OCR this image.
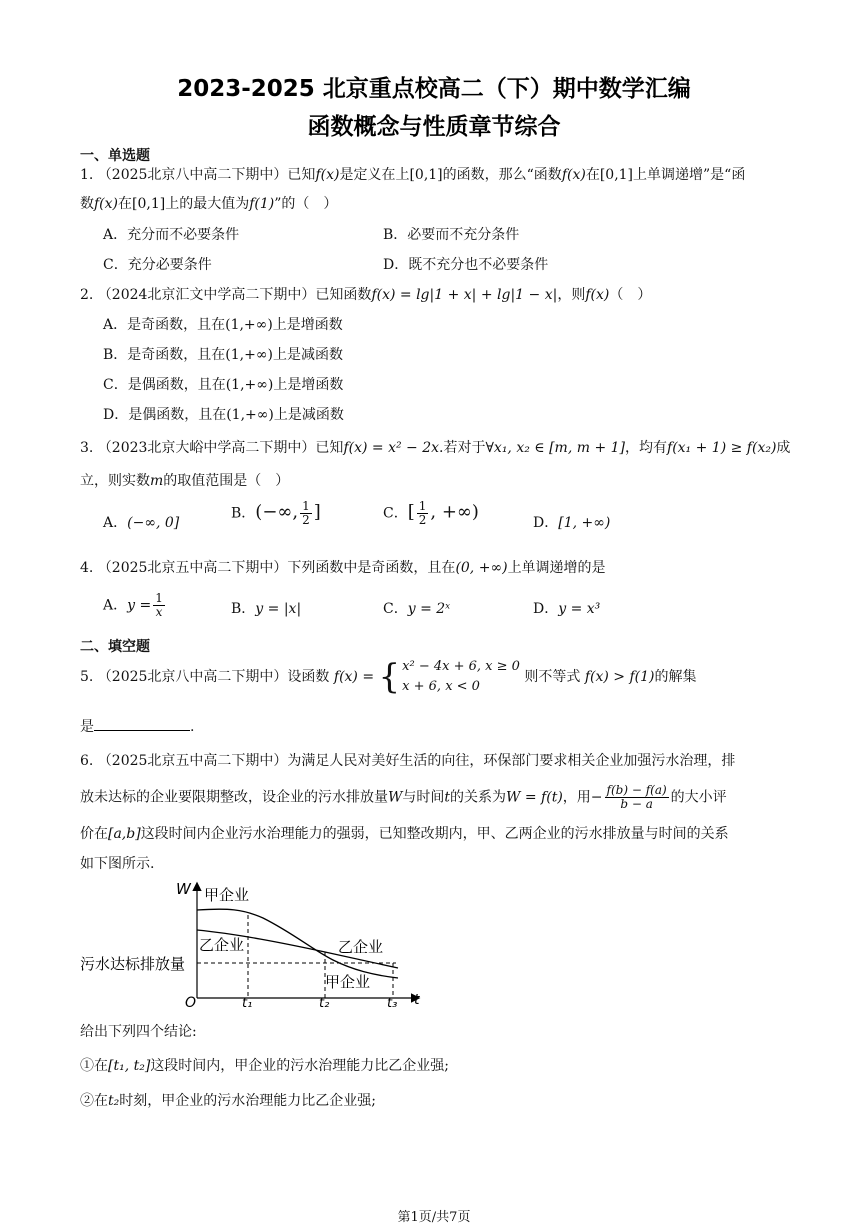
2023-2025 北京重点校高二（下）期中数学汇编
函数概念与性质章节综合
一、单选题
1. （2025北京八中高二下期中）已知f(x)是定义在上[0,1]的函数，那么“函数f(x)在[0,1]上单调递增”是“函
数f(x)在[0,1]上的最大值为f(1)”的（　）
A．充分而不必要条件	B．必要而不充分条件
C．充分必要条件	D．既不充分也不必要条件
2. （2024北京汇文中学高二下期中）已知函数f(x) = lg|1 + x| + lg|1 − x|，则f(x)（　）
A．是奇函数，且在(1,+∞)上是增函数
B．是奇函数，且在(1,+∞)上是减函数
C．是偶函数，且在(1,+∞)上是增函数
D．是偶函数，且在(1,+∞)上是减函数
3. （2023北京大峪中学高二下期中）已知f(x) = x² − 2x.若对于∀x₁, x₂ ∈ [m, m + 1]，均有f(x₁ + 1) ≥ f(x₂)成
立，则实数m的取值范围是（　）
A．(−∞, 0]
B．(−∞, $\frac{1}{2}$ ]	C．[ $\frac{1}{2}$ , +∞)
D．[1, +∞)
4. （2025北京五中高二下期中）下列函数中是奇函数，且在(0, +∞)上单调递增的是
A．$y = \frac{1}{x}$	B．y = |x|	C．y = 2ˣ	D．y = x³
二、填空题
5. （2025北京八中高二下期中）设函数 f(x) = { x² − 4x + 6, x ≥ 0
x + 6, x < 0
则不等式 f(x) > f(1)的解集
是	.
6. （2025北京五中高二下期中）为满足人民对美好生活的向往，环保部门要求相关企业加强污水治理，排
放未达标的企业要限期整改，设企业的污水排放量W与时间t的关系为W = f(t)，用− $\frac{f(b) - f(a)}{b - a}$ 的大小评
价在[a,b]这段时间内企业污水治理能力的强弱，已知整改期内，甲、乙两企业的污水排放量与时间的关系
如下图所示.
W 甲企业
乙企业	乙企业
甲企业
污水达标排放量
O	t₁	t₂	t₃ t
给出下列四个结论:
①在[t₁, t₂]这段时间内，甲企业的污水治理能力比乙企业强;
②在t₂时刻，甲企业的污水治理能力比乙企业强;
第1页/共7页
